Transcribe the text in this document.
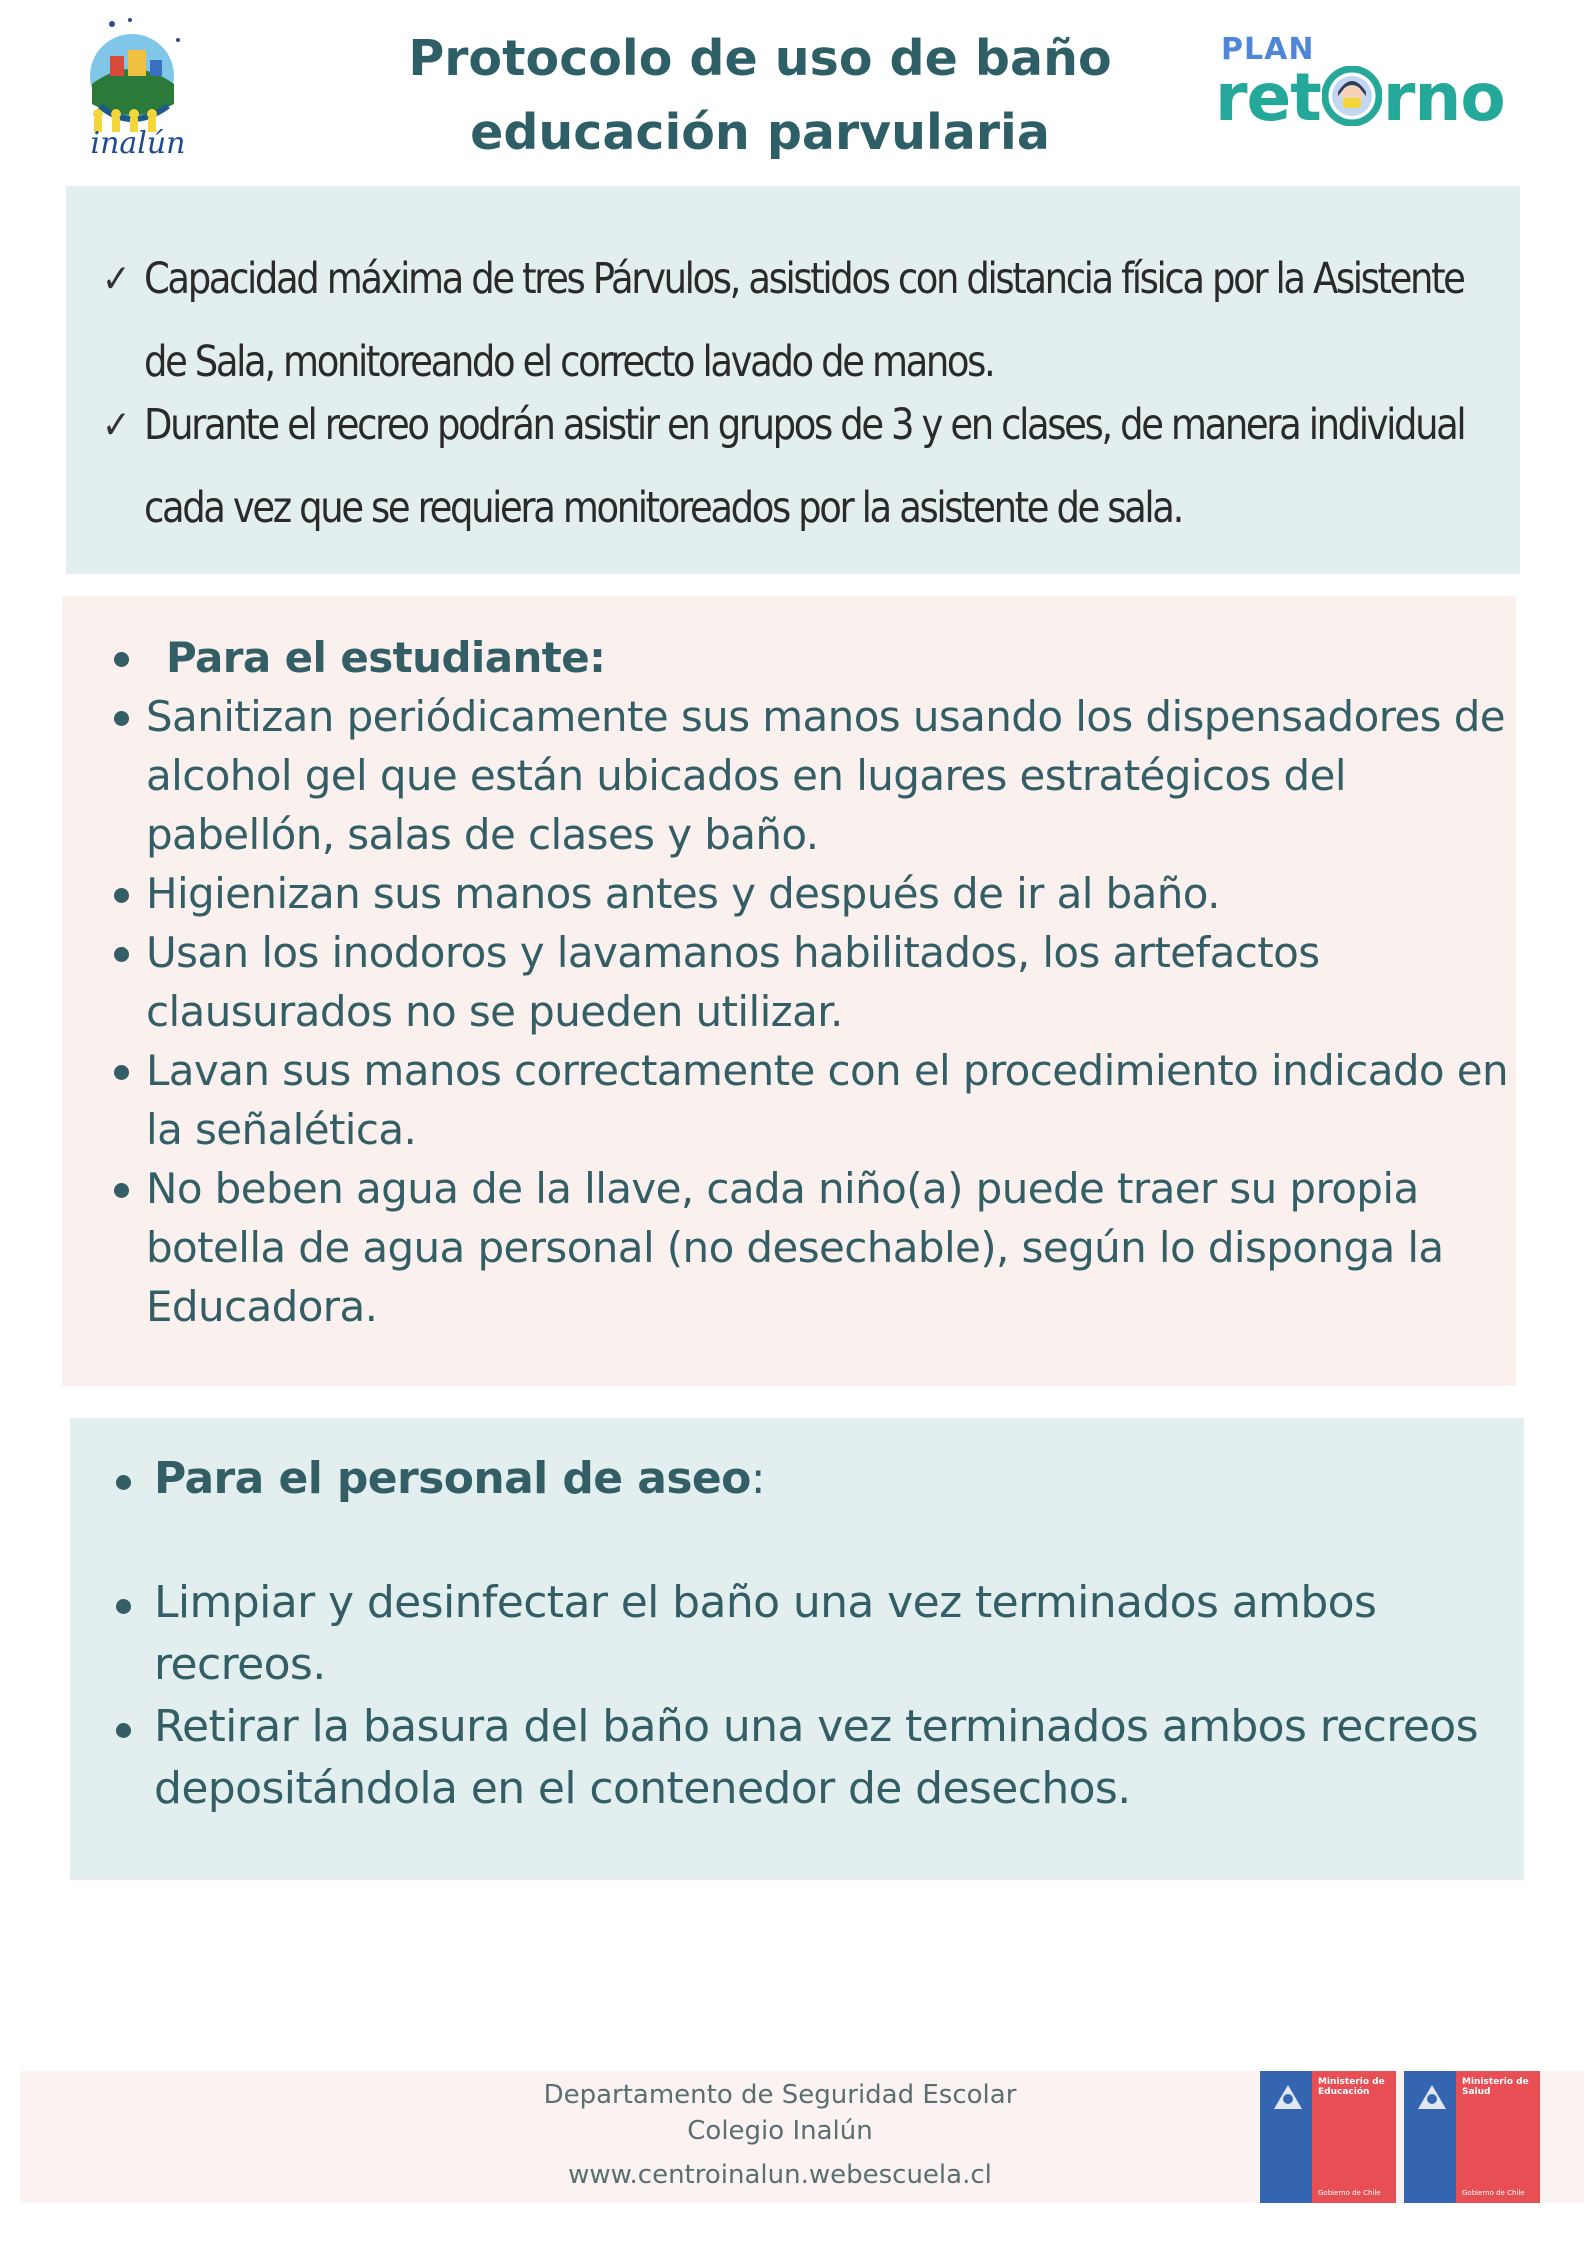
inalún
Protocolo de uso de baño
educación parvularia
PLAN
ret rno
✓ Capacidad máxima de tres Párvulos, asistidos con distancia física por la Asistente de Sala, monitoreando el correcto lavado de manos.
✓ Durante el recreo podrán asistir en grupos de 3 y en clases, de manera individual cada vez que se requiera monitoreados por la asistente de sala.
Para el estudiante:
Sanitizan periódicamente sus manos usando los dispensadores de alcohol gel que están ubicados en lugares estratégicos del pabellón, salas de clases y baño.
Higienizan sus manos antes y después de ir al baño.
Usan los inodoros y lavamanos habilitados, los artefactos clausurados no se pueden utilizar.
Lavan sus manos correctamente con el procedimiento indicado en la señalética.
No beben agua de la llave, cada niño(a) puede traer su propia botella de agua personal (no desechable), según lo disponga la Educadora.
Para el personal de aseo:
Limpiar y desinfectar el baño una vez terminados ambos recreos.
Retirar la basura del baño una vez terminados ambos recreos depositándola en el contenedor de desechos.
Departamento de Seguridad Escolar
Colegio Inalún
www.centroinalun.webescuela.cl
Ministerio de Educación
Gobierno de Chile
Ministerio de Salud
Gobierno de Chile
